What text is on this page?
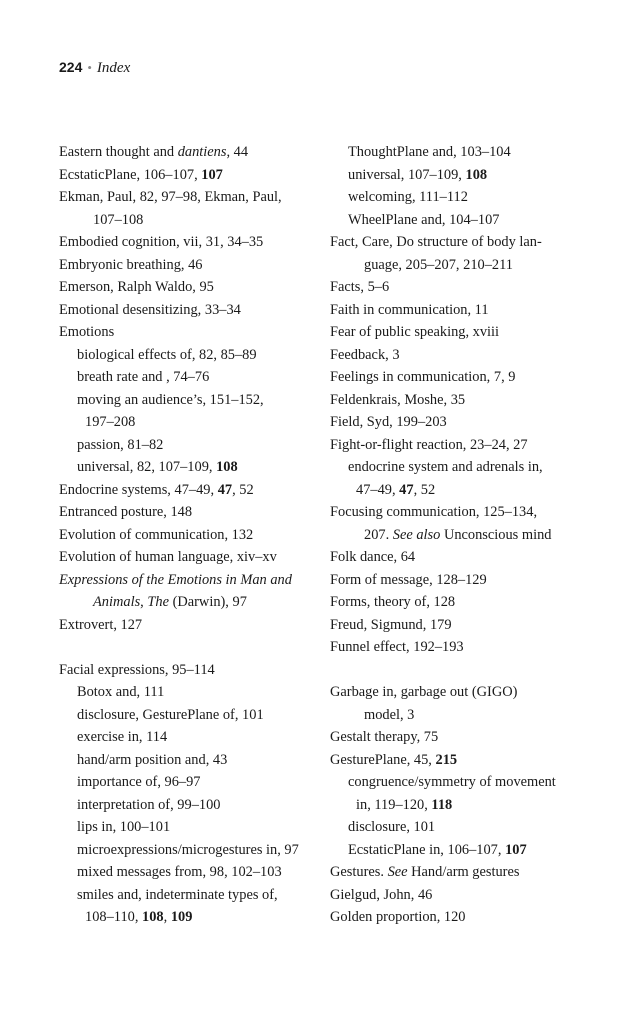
224 • Index
Eastern thought and dantiens, 44
EcstaticPlane, 106–107, 107
Ekman, Paul, 82, 97–98, Ekman, Paul,
107–108
Embodied cognition, vii, 31, 34–35
Embryonic breathing, 46
Emerson, Ralph Waldo, 95
Emotional desensitizing, 33–34
Emotions
biological effects of, 82, 85–89
breath rate and , 74–76
moving an audience’s, 151–152,
197–208
passion, 81–82
universal, 82, 107–109, 108
Endocrine systems, 47–49, 47, 52
Entranced posture, 148
Evolution of communication, 132
Evolution of human language, xiv–xv
Expressions of the Emotions in Man and
Animals, The (Darwin), 97
Extrovert, 127
Facial expressions, 95–114
Botox and, 111
disclosure, GesturePlane of, 101
exercise in, 114
hand/arm position and, 43
importance of, 96–97
interpretation of, 99–100
lips in, 100–101
microexpressions/microgestures in, 97
mixed messages from, 98, 102–103
smiles and, indeterminate types of,
108–110, 108, 109
ThoughtPlane and, 103–104
universal, 107–109, 108
welcoming, 111–112
WheelPlane and, 104–107
Fact, Care, Do structure of body lan-
guage, 205–207, 210–211
Facts, 5–6
Faith in communication, 11
Fear of public speaking, xviii
Feedback, 3
Feelings in communication, 7, 9
Feldenkrais, Moshe, 35
Field, Syd, 199–203
Fight-or-flight reaction, 23–24, 27
endocrine system and adrenals in,
47–49, 47, 52
Focusing communication, 125–134,
207. See also Unconscious mind
Folk dance, 64
Form of message, 128–129
Forms, theory of, 128
Freud, Sigmund, 179
Funnel effect, 192–193
Garbage in, garbage out (GIGO)
model, 3
Gestalt therapy, 75
GesturePlane, 45, 215
congruence/symmetry of movement
in, 119–120, 118
disclosure, 101
EcstaticPlane in, 106–107, 107
Gestures. See Hand/arm gestures
Gielgud, John, 46
Golden proportion, 120
